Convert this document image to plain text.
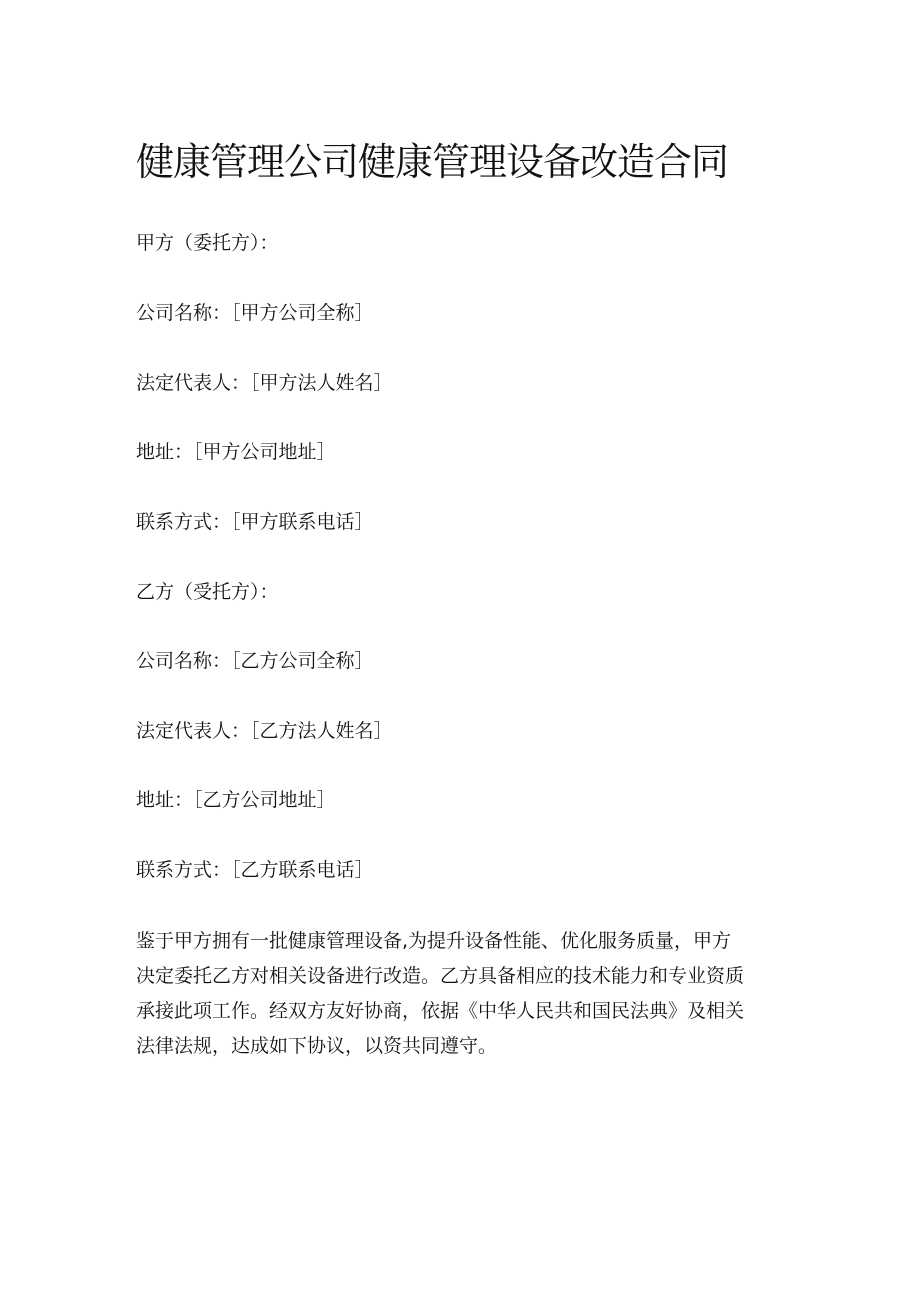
健康管理公司健康管理设备改造合同

甲方（委托方）：

公司名称：［甲方公司全称］

法定代表人：［甲方法人姓名］

地址：［甲方公司地址］

联系方式：［甲方联系电话］

乙方（受托方）：

公司名称：［乙方公司全称］

法定代表人：［乙方法人姓名］

地址：［乙方公司地址］

联系方式：［乙方联系电话］

鉴于甲方拥有一批健康管理设备,为提升设备性能、优化服务质量，甲方
决定委托乙方对相关设备进行改造。乙方具备相应的技术能力和专业资质
承接此项工作。经双方友好协商，依据《中华人民共和国民法典》及相关
法律法规，达成如下协议，以资共同遵守。
